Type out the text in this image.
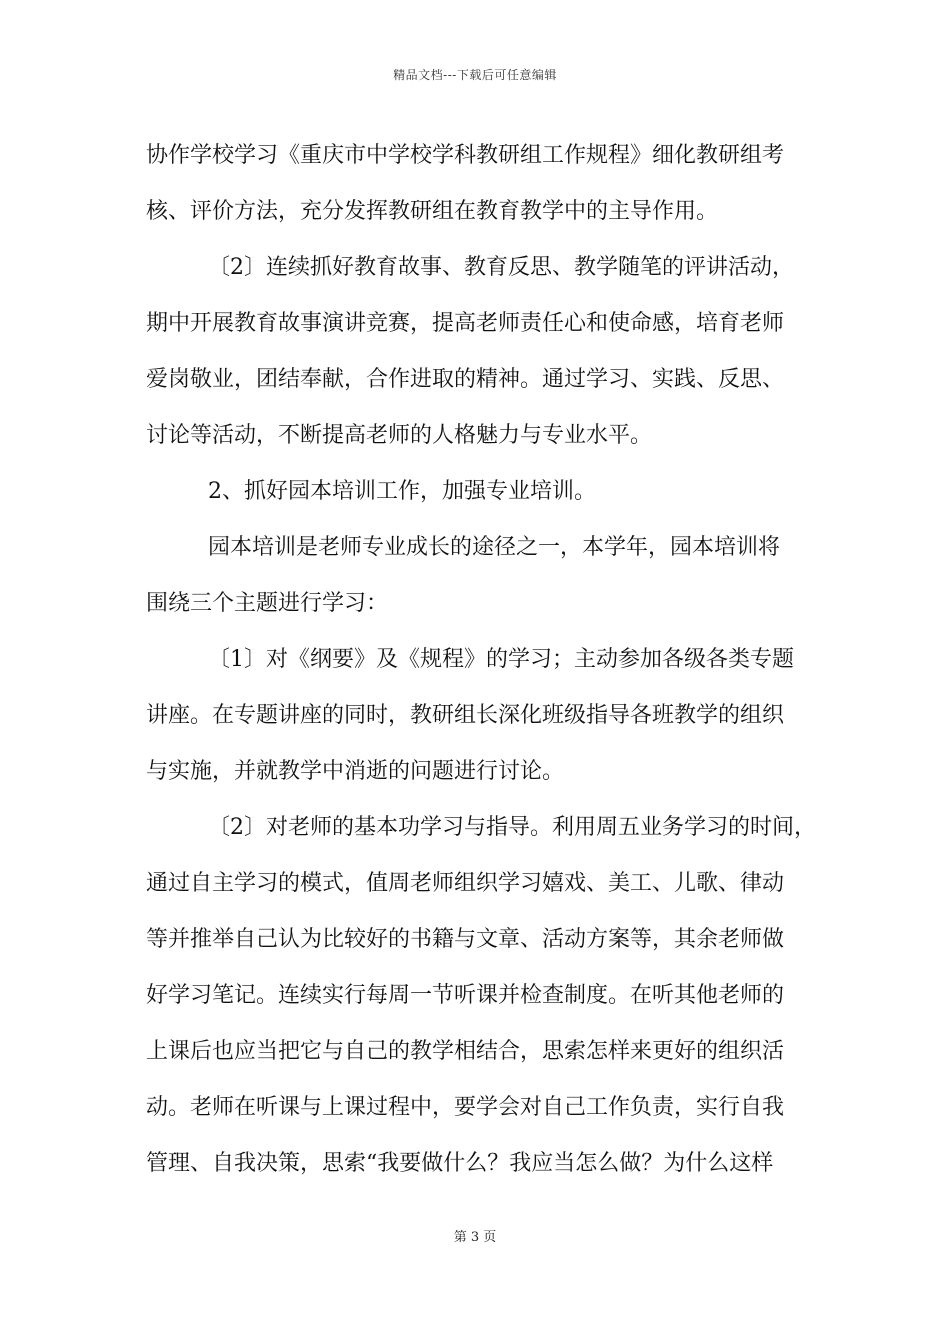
精品文档---下载后可任意编辑
协作学校学习《重庆市中学校学科教研组工作规程》细化教研组考
核、评价方法，充分发挥教研组在教育教学中的主导作用。
〔2〕连续抓好教育故事、教育反思、教学随笔的评讲活动，
期中开展教育故事演讲竞赛，提高老师责任心和使命感，培育老师
爱岗敬业，团结奉献，合作进取的精神。通过学习、实践、反思、
讨论等活动，不断提高老师的人格魅力与专业水平。
2、抓好园本培训工作，加强专业培训。
园本培训是老师专业成长的途径之一，本学年，园本培训将
围绕三个主题进行学习：
〔1〕对《纲要》及《规程》的学习；主动参加各级各类专题
讲座。在专题讲座的同时，教研组长深化班级指导各班教学的组织
与实施，并就教学中消逝的问题进行讨论。
〔2〕对老师的基本功学习与指导。利用周五业务学习的时间，
通过自主学习的模式，值周老师组织学习嬉戏、美工、儿歌、律动
等并推举自己认为比较好的书籍与文章、活动方案等，其余老师做
好学习笔记。连续实行每周一节听课并检查制度。在听其他老师的
上课后也应当把它与自己的教学相结合，思索怎样来更好的组织活
动。老师在听课与上课过程中，要学会对自己工作负责，实行自我
管理、自我决策，思索“我要做什么？我应当怎么做？为什么这样
第 3 页
